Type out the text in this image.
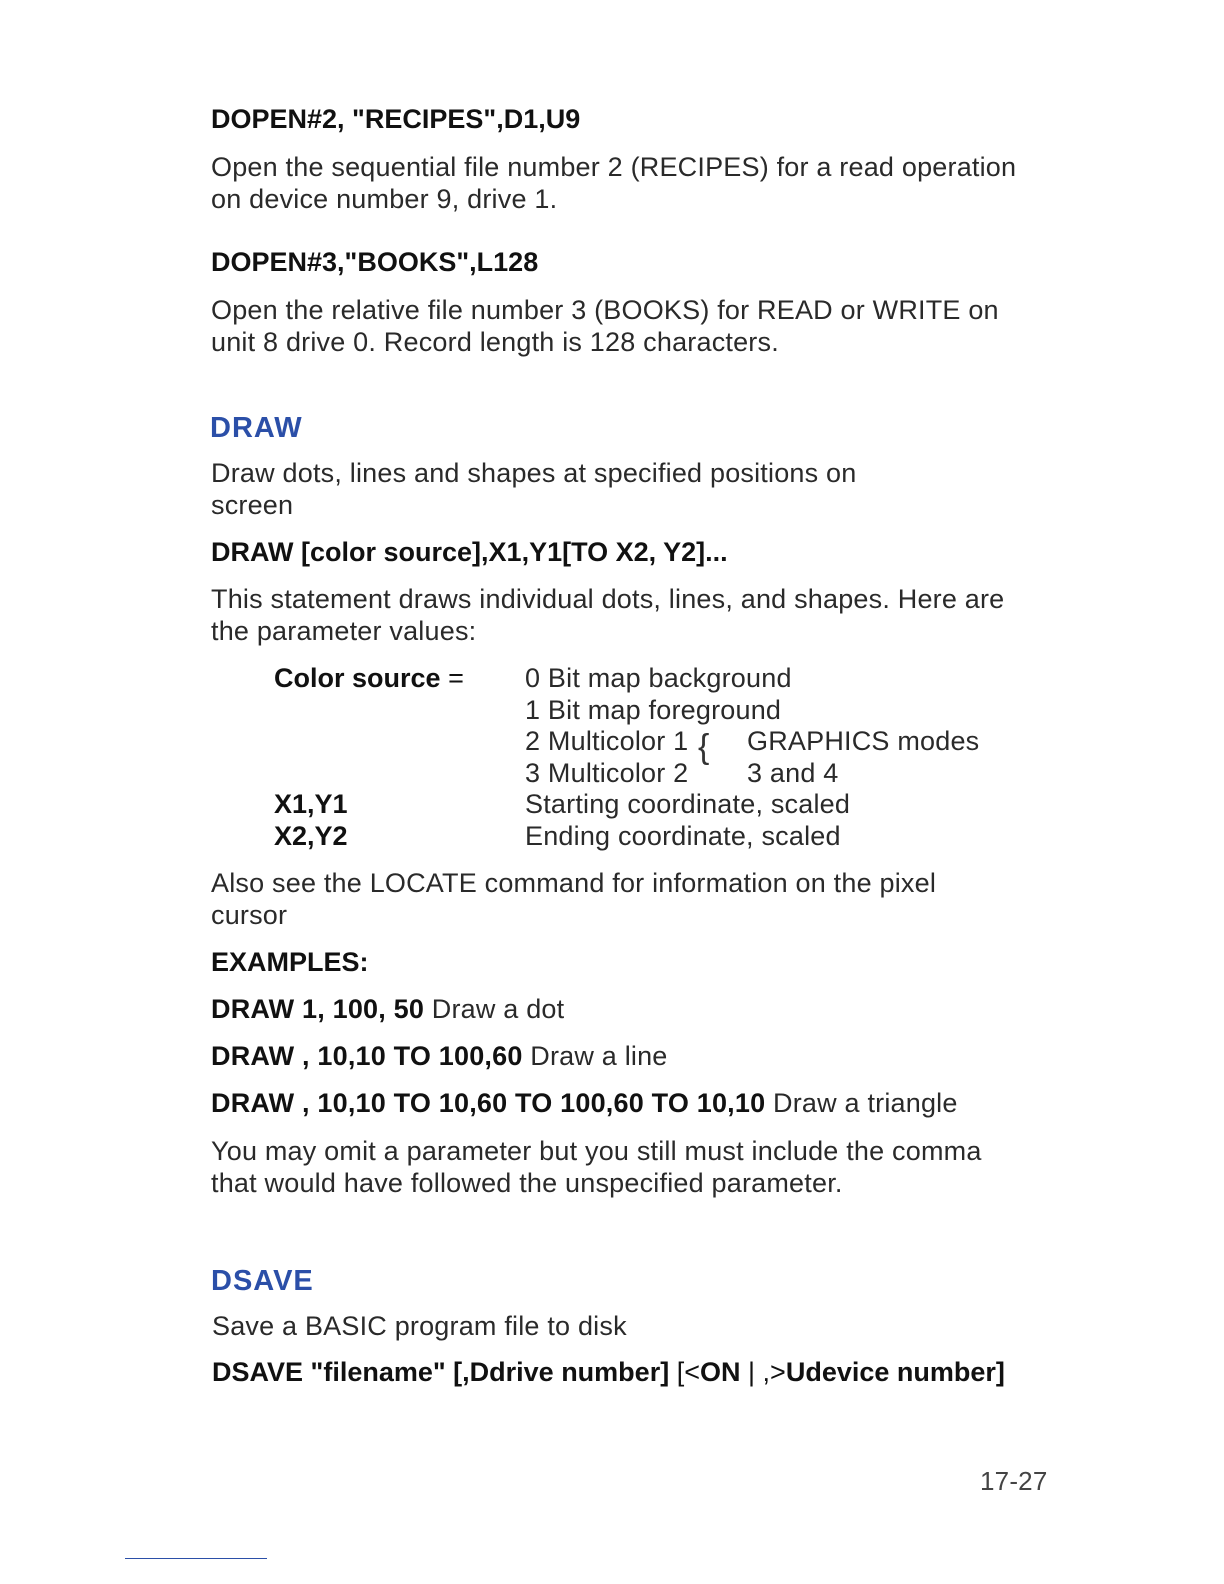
DOPEN#2, "RECIPES",D1,U9
Open the sequential file number 2 (RECIPES) for a read operation
on device number 9, drive 1.
DOPEN#3,"BOOKS",L128
Open the relative file number 3 (BOOKS) for READ or WRITE on
unit 8 drive 0. Record length is 128 characters.
DRAW
Draw dots, lines and shapes at specified positions on
screen
DRAW [color source],X1,Y1[TO X2, Y2]...
This statement draws individual dots, lines, and shapes. Here are
the parameter values:
Color source = 0 Bit map background
1 Bit map foreground
2 Multicolor 1
3 Multicolor 2
{ GRAPHICS modes
3 and 4
X1,Y1	Starting coordinate, scaled
X2,Y2	Ending coordinate, scaled
Also see the LOCATE command for information on the pixel
cursor
EXAMPLES:
DRAW 1, 100, 50 Draw a dot
DRAW , 10,10 TO 100,60 Draw a line
DRAW , 10,10 TO 10,60 TO 100,60 TO 10,10 Draw a triangle
You may omit a parameter but you still must include the comma
that would have followed the unspecified parameter.
DSAVE
Save a BASIC program file to disk
DSAVE "filename" [,Ddrive number] [<ON | ,>Udevice number]
17-27
